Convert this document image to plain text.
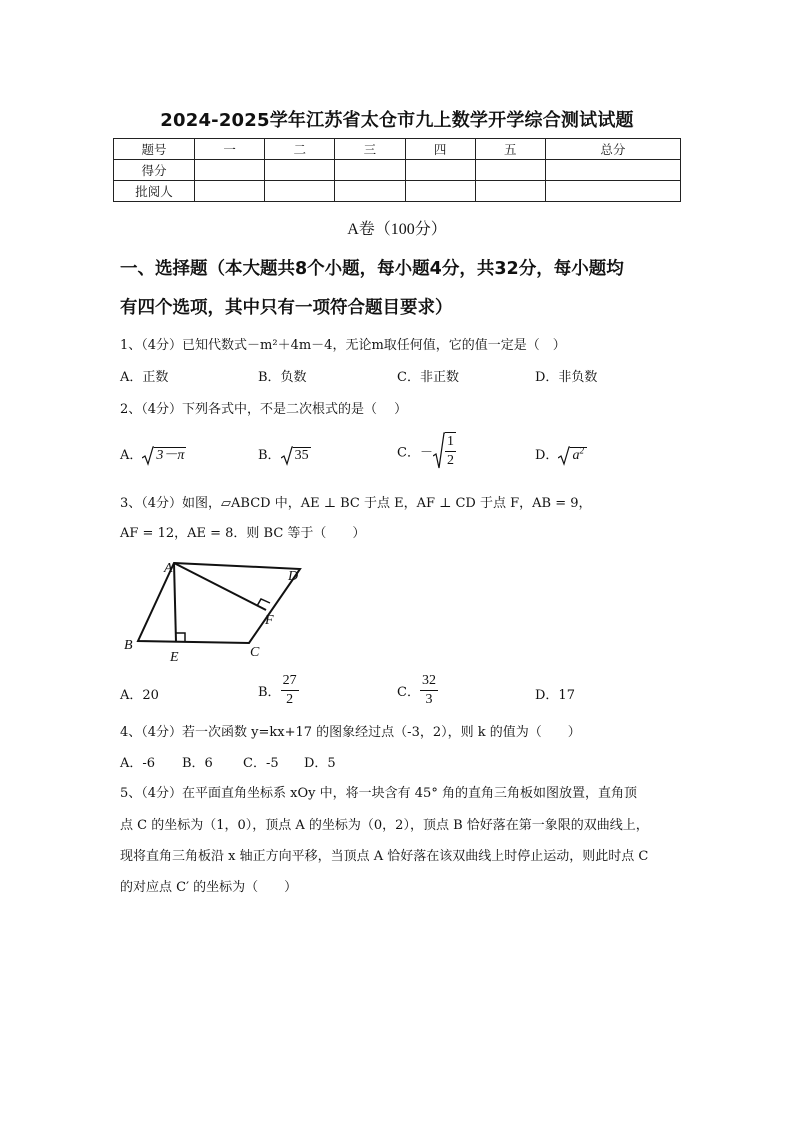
2024-2025学年江苏省太仓市九上数学开学综合测试试题
题号	一	二	三	四	五	总分
得分						
批阅人						
A卷（100分）
一、选择题（本大题共8个小题，每小题4分，共32分，每小题均
有四个选项，其中只有一项符合题目要求）
1、（4分）已知代数式－m²＋4m－4，无论m取任何值，它的值一定是（　）
A．正数	B．负数	C．非正数	D．非负数
2、（4分）下列各式中，不是二次根式的是（　 ）
A． 3－π	B． 35	C．－ $\frac{1}{2}$	D． $a^2$
3、（4分）如图，▱ABCD 中，AE ⊥ BC 于点 E，AF ⊥ CD 于点 F，AB = 9，
AF = 12，AE = 8．则 BC 等于（　　）
A
D
F
B
E	C
A．20	B． $\frac{27}{2}$	C． $\frac{32}{3}$	D．17
4、（4分）若一次函数 y=kx+17 的图象经过点（-3，2），则 k 的值为（　　）
A．-6 B．6 C．-5 D．5
5、（4分）在平面直角坐标系 xOy 中，将一块含有 45° 角的直角三角板如图放置，直角顶
点 C 的坐标为（1，0），顶点 A 的坐标为（0，2），顶点 B 恰好落在第一象限的双曲线上，
现将直角三角板沿 x 轴正方向平移，当顶点 A 恰好落在该双曲线上时停止运动，则此时点 C
的对应点 C′ 的坐标为（　　）
